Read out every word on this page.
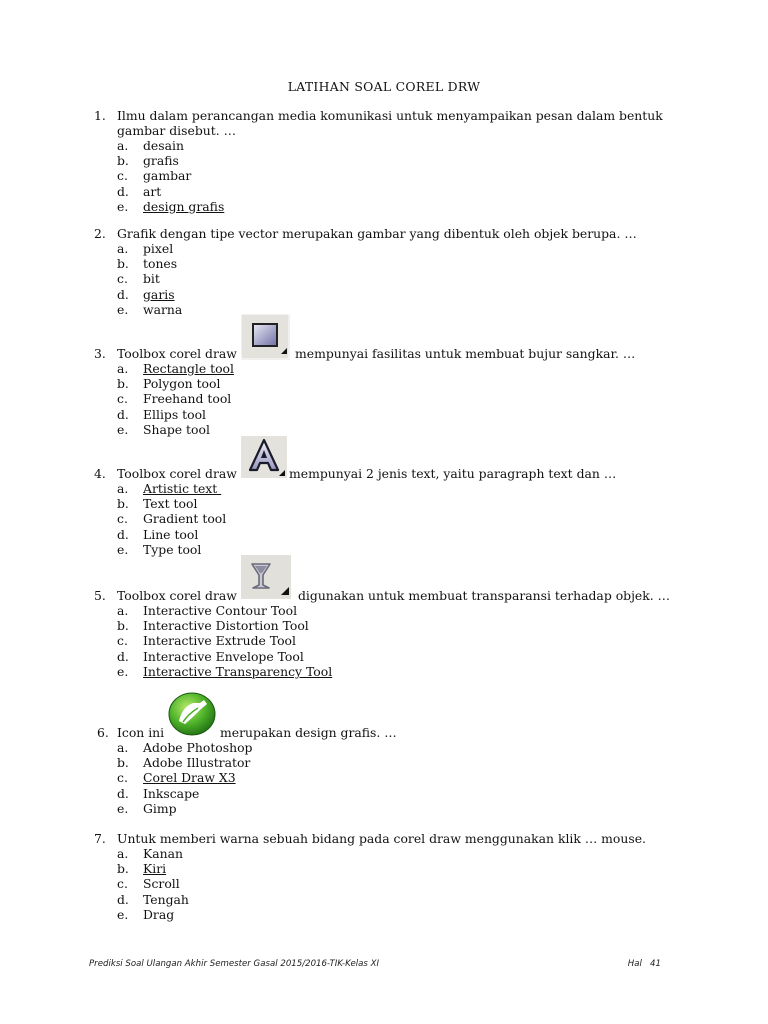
LATIHAN SOAL COREL DRW
1. Ilmu dalam perancangan media komunikasi untuk menyampaikan pesan dalam bentuk gambar disebut. …
a.	desain
b.	grafis
c.	gambar
d.	art
e.	design grafis
2. Grafik dengan tipe vector merupakan gambar yang dibentuk oleh objek berupa. …
a.	pixel
b.	tones
c.	bit
d.	garis
e.	warna
3. Toolbox corel draw	mempunyai fasilitas untuk membuat bujur sangkar. …
a.	Rectangle tool
b.	Polygon tool
c.	Freehand tool
d.	Ellips tool
e.	Shape tool
4. Toolbox corel draw	mempunyai 2 jenis text, yaitu paragraph text dan …
a.	Artistic text
b.	Text tool
c.	Gradient tool
d.	Line tool
e.	Type tool
5. Toolbox corel draw	digunakan untuk membuat transparansi terhadap objek. …
a.	Interactive Contour Tool
b.	Interactive Distortion Tool
c.	Interactive Extrude Tool
d.	Interactive Envelope Tool
e.	Interactive Transparency Tool
6. Icon ini	merupakan design grafis. …
a.	Adobe Photoshop
b.	Adobe Illustrator
c.	Corel Draw X3
d.	Inkscape
e.	Gimp
7. Untuk memberi warna sebuah bidang pada corel draw menggunakan klik … mouse.
a.	Kanan
b.	Kiri
c.	Scroll
d.	Tengah
e.	Drag
Prediksi Soal Ulangan Akhir Semester Gasal 2015/2016-TIK-Kelas XI	Hal   41
